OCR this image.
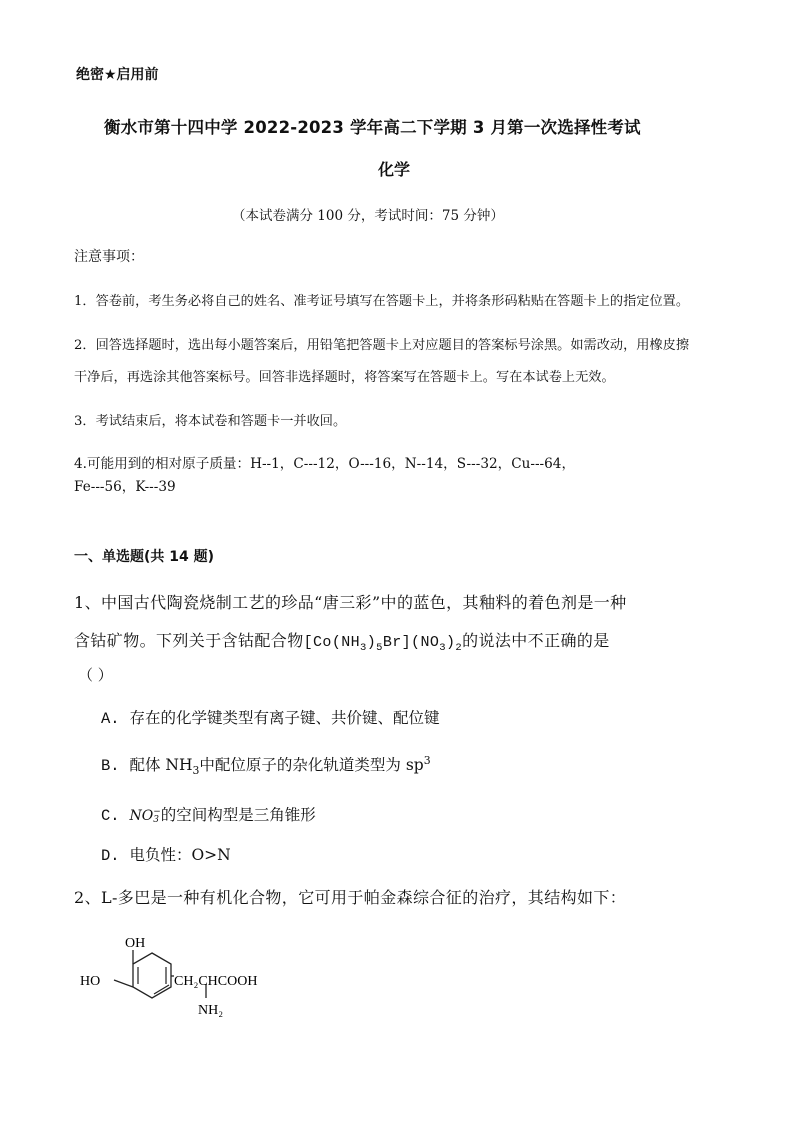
绝密★启用前
衡水市第十四中学 2022-2023 学年高二下学期 3 月第一次选择性考试
化学
（本试卷满分 100 分，考试时间：75 分钟）
注意事项：
1．答卷前，考生务必将自己的姓名、准考证号填写在答题卡上，并将条形码粘贴在答题卡上的指定位置。
2．回答选择题时，选出每小题答案后，用铅笔把答题卡上对应题目的答案标号涂黑。如需改动，用橡皮擦
干净后，再选涂其他答案标号。回答非选择题时，将答案写在答题卡上。写在本试卷上无效。
3．考试结束后，将本试卷和答题卡一并收回。
4.可能用到的相对原子质量：H--1，C---12，O---16，N--14，S---32，Cu---64，
Fe---56，K---39
一、单选题(共 14 题)
1、中国古代陶瓷烧制工艺的珍品“唐三彩”中的蓝色，其釉料的着色剂是一种
含钴矿物。下列关于含钴配合物$[Co(NH_3)_5Br](NO_3)_2$的说法中不正确的是
（ ）
A. 存在的化学键类型有离子键、共价键、配位键
B. 配体 $NH_3$中配位原子的杂化轨道类型为 $sp^3$
C. NO −
3 的空间构型是三角锥形
D. 电负性：O>N
2、L-多巴是一种有机化合物，它可用于帕金森综合征的治疗，其结构如下：
OH
HO	CH₂CHCOOH
NH₂
